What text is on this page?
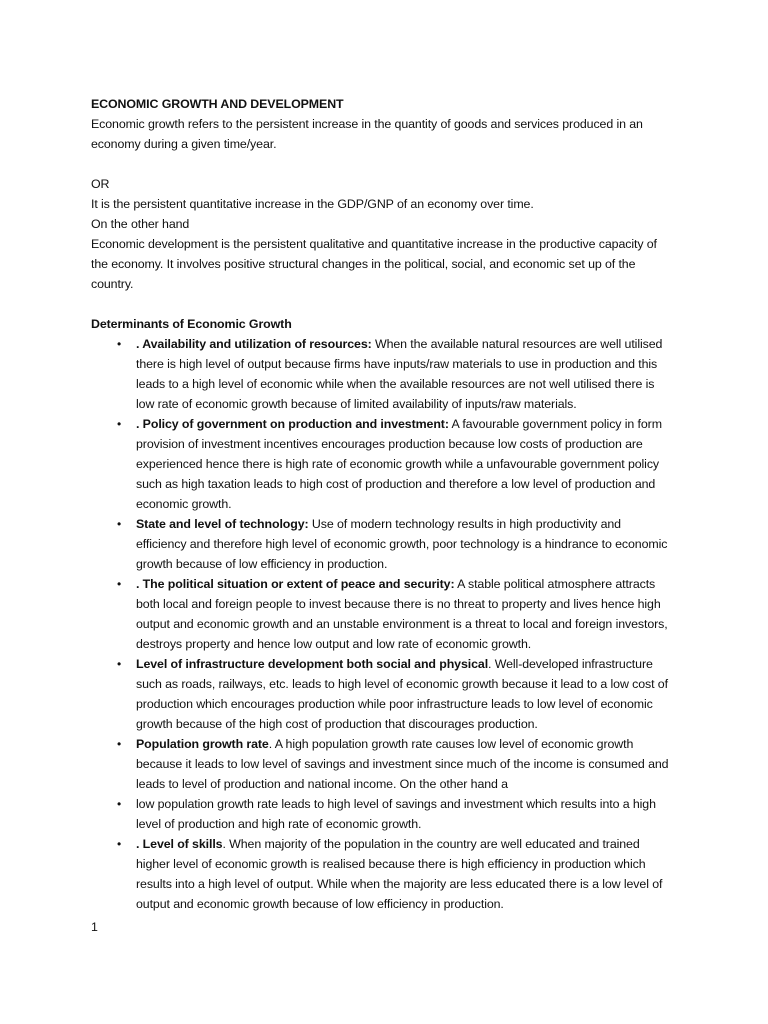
ECONOMIC GROWTH AND DEVELOPMENT

Economic growth refers to the persistent increase in the quantity of goods and services produced in an economy during a given time/year.

OR

It is the persistent quantitative increase in the GDP/GNP of an economy over time.

On the other hand

Economic development is the persistent qualitative and quantitative increase in the productive capacity of the economy. It involves positive structural changes in the political, social, and economic set up of the country.

Determinants of Economic Growth

• . Availability and utilization of resources: When the available natural resources are well utilised there is high level of output because firms have inputs/raw materials to use in production and this leads to a high level of economic while when the available resources are not well utilised there is low rate of economic growth because of limited availability of inputs/raw materials.
• . Policy of government on production and investment: A favourable government policy in form provision of investment incentives encourages production because low costs of production are experienced hence there is high rate of economic growth while a unfavourable government policy such as high taxation leads to high cost of production and therefore a low level of production and economic growth.
• State and level of technology: Use of modern technology results in high productivity and efficiency and therefore high level of economic growth, poor technology is a hindrance to economic growth because of low efficiency in production.
• . The political situation or extent of peace and security: A stable political atmosphere attracts both local and foreign people to invest because there is no threat to property and lives hence high output and economic growth and an unstable environment is a threat to local and foreign investors, destroys property and hence low output and low rate of economic growth.
• Level of infrastructure development both social and physical. Well-developed infrastructure such as roads, railways, etc. leads to high level of economic growth because it lead to a low cost of production which encourages production while poor infrastructure leads to low level of economic growth because of the high cost of production that discourages production.
• Population growth rate. A high population growth rate causes low level of economic growth because it leads to low level of savings and investment since much of the income is consumed and leads to level of production and national income. On the other hand a
• low population growth rate leads to high level of savings and investment which results into a high level of production and high rate of economic growth.
• . Level of skills. When majority of the population in the country are well educated and trained higher level of economic growth is realised because there is high efficiency in production which results into a high level of output. While when the majority are less educated there is a low level of output and economic growth because of low efficiency in production.
1
